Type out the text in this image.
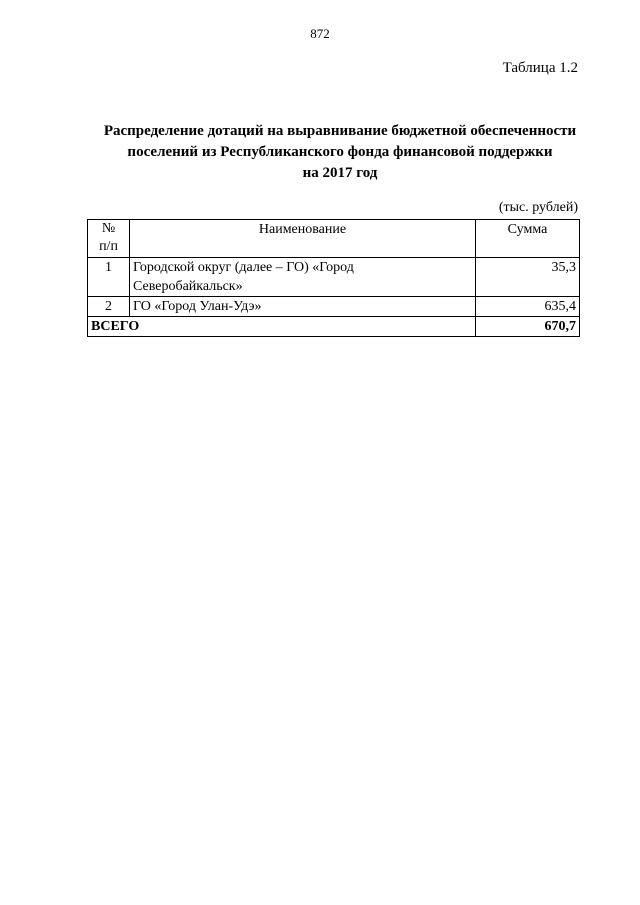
872
Таблица 1.2
Распределение дотаций на выравнивание бюджетной обеспеченности
поселений из Республиканского фонда финансовой поддержки
на 2017 год
(тыс. рублей)
№
п/п	Наименование	Сумма
1	Городской округ (далее – ГО) «Город
Северобайкальск»	35,3
2	ГО «Город Улан-Удэ»	635,4
ВСЕГО		670,7
